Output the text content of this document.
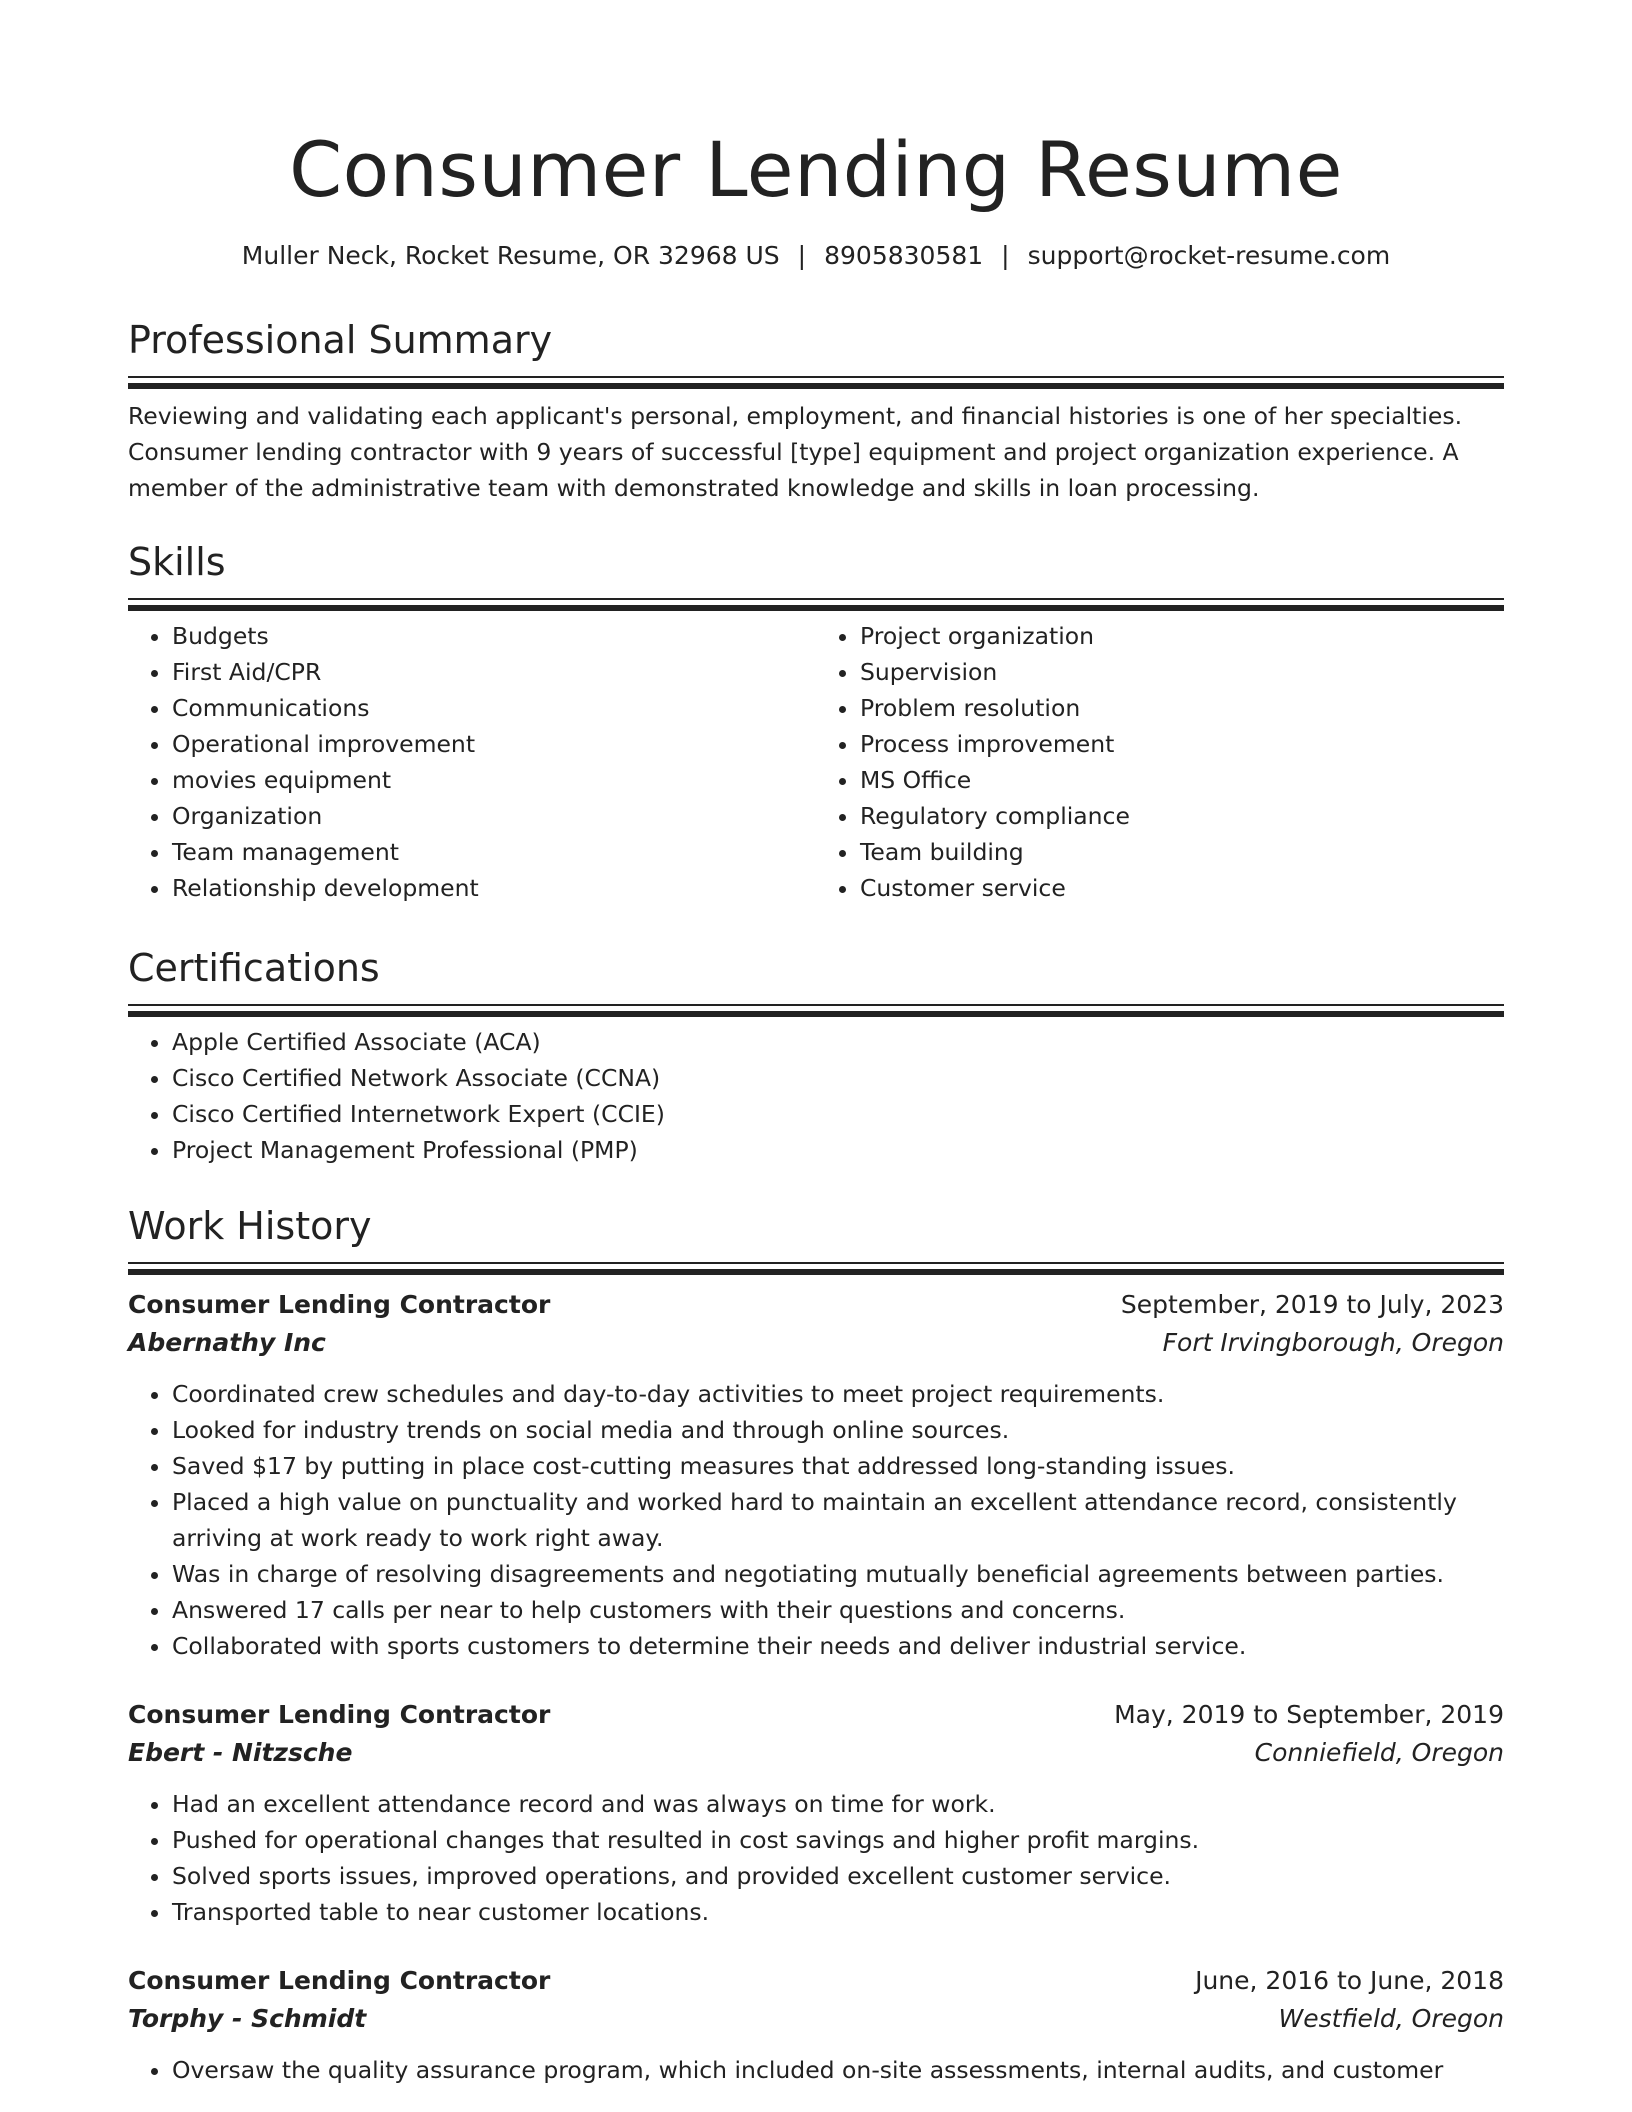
Consumer Lending Resume
Muller Neck, Rocket Resume, OR 32968 US | 8905830581 | support@rocket-resume.com
Professional Summary

Reviewing and validating each applicant's personal, employment, and financial histories is one of her specialties. Consumer lending contractor with 9 years of successful [type] equipment and project organization experience. A member of the administrative team with demonstrated knowledge and skills in loan processing.

Skills
• Budgets
• First Aid/CPR
• Communications
• Operational improvement
• movies equipment
• Organization
• Team management
• Relationship development
• Project organization
• Supervision
• Problem resolution
• Process improvement
• MS Office
• Regulatory compliance
• Team building
• Customer service
Certifications
• Apple Certified Associate (ACA)
• Cisco Certified Network Associate (CCNA)
• Cisco Certified Internetwork Expert (CCIE)
• Project Management Professional (PMP)
Work History
Consumer Lending Contractor	September, 2019 to July, 2023
Abernathy Inc	Fort Irvingborough, Oregon
• Coordinated crew schedules and day-to-day activities to meet project requirements.
• Looked for industry trends on social media and through online sources.
• Saved $17 by putting in place cost-cutting measures that addressed long-standing issues.
• Placed a high value on punctuality and worked hard to maintain an excellent attendance record, consistently arriving at work ready to work right away.
• Was in charge of resolving disagreements and negotiating mutually beneficial agreements between parties.
• Answered 17 calls per near to help customers with their questions and concerns.
• Collaborated with sports customers to determine their needs and deliver industrial service.
Consumer Lending Contractor	May, 2019 to September, 2019
Ebert - Nitzsche	Conniefield, Oregon
• Had an excellent attendance record and was always on time for work.
• Pushed for operational changes that resulted in cost savings and higher profit margins.
• Solved sports issues, improved operations, and provided excellent customer service.
• Transported table to near customer locations.
Consumer Lending Contractor	June, 2016 to June, 2018
Torphy - Schmidt	Westfield, Oregon
• Oversaw the quality assurance program, which included on-site assessments, internal audits, and customer
